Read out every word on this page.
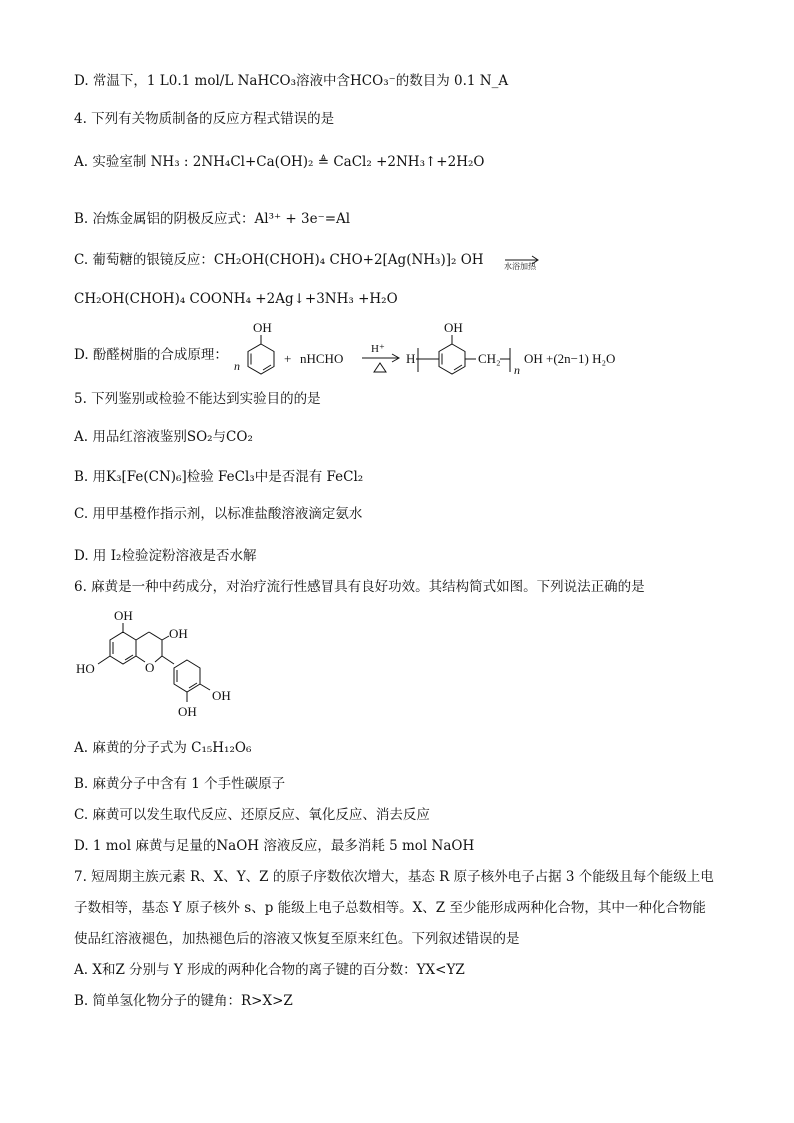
D. 常温下，1 L0.1 mol/L NaHCO₃溶液中含HCO₃⁻的数目为 0.1 N_A
4. 下列有关物质制备的反应方程式错误的是
A. 实验室制 NH₃ : 2NH₄Cl+Ca(OH)₂ ≜ CaCl₂ +2NH₃↑+2H₂O
B. 冶炼金属铝的阴极反应式：Al³⁺ + 3e⁻=Al
C. 葡萄糖的银镜反应：CH₂OH(CHOH)₄ CHO+2[Ag(NH₃)]₂ OH	水浴加热
CH₂OH(CHOH)₄ COONH₄ +2Ag↓+3NH₃ +H₂O
D. 酚醛树脂的合成原理：
OH
n	+ nHCHO
H⁺
H
OH
CH₂
n
OH +(2n−1) H₂O
5. 下列鉴别或检验不能达到实验目的的是
A. 用品红溶液鉴别SO₂与CO₂
B. 用K₃[Fe(CN)₆]检验 FeCl₃中是否混有 FeCl₂
C. 用甲基橙作指示剂，以标准盐酸溶液滴定氨水
D. 用 I₂检验淀粉溶液是否水解
6. 麻黄是一种中药成分，对治疗流行性感冒具有良好功效。其结构简式如图。下列说法正确的是
OH
OH
O
HO
OH
OH
A. 麻黄的分子式为 C₁₅H₁₂O₆
B. 麻黄分子中含有 1 个手性碳原子
C. 麻黄可以发生取代反应、还原反应、氧化反应、消去反应
D. 1 mol 麻黄与足量的NaOH 溶液反应，最多消耗 5 mol NaOH
7. 短周期主族元素 R、X、Y、Z 的原子序数依次增大，基态 R 原子核外电子占据 3 个能级且每个能级上电
子数相等，基态 Y 原子核外 s、p 能级上电子总数相等。X、Z 至少能形成两种化合物，其中一种化合物能
使品红溶液褪色，加热褪色后的溶液又恢复至原来红色。下列叙述错误的是
A. X和Z 分别与 Y 形成的两种化合物的离子键的百分数：YX<YZ
B. 简单氢化物分子的键角：R>X>Z
